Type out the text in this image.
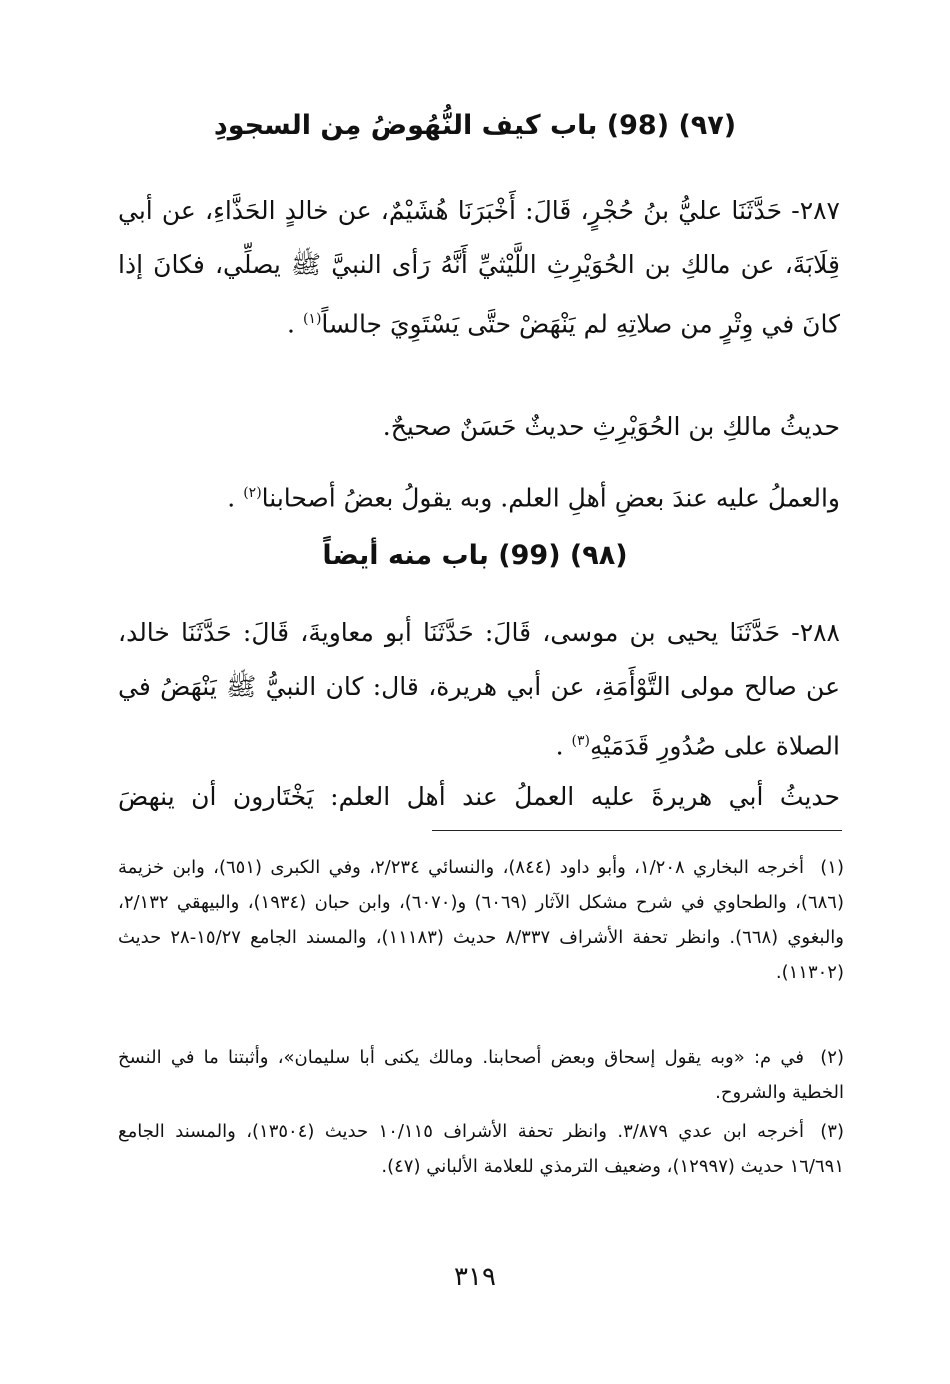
(٩٧) (98) باب كيف النُّهُوضُ مِن السجودِ
٢٨٧- حَدَّثَنَا عليُّ بنُ حُجْرٍ، قَالَ: أَخْبَرَنَا هُشَيْمٌ، عن خالدٍ الحَذَّاءِ، عن أبي قِلَابَةَ، عن مالكِ بن الحُوَيْرِثِ اللَّيْثيِّ أَنَّهُ رَأى النبيَّ ﷺ يصلِّي، فكانَ إذا كانَ في وِتْرٍ من صلاتِهِ لم يَنْهَضْ حتَّى يَسْتَوِيَ جالساً$^{(١)}$ .
حديثُ مالكِ بن الحُوَيْرِثِ حديثٌ حَسَنٌ صحيحٌ.
والعملُ عليه عندَ بعضِ أهلِ العلم. وبه يقولُ بعضُ أصحابنا$^{(٢)}$ .
(٩٨) (99) باب منه أيضاً
٢٨٨- حَدَّثَنَا يحيى بن موسى، قَالَ: حَدَّثَنَا أبو معاويةَ، قَالَ: حَدَّثَنَا خالد، عن صالح مولى التَّوْأَمَةِ، عن أبي هريرة، قال: كان النبيُّ ﷺ يَنْهَضُ في الصلاة على صُدُورِ قَدَمَيْهِ$^{(٣)}$ .
حديثُ أبي هريرةَ عليه العملُ عند أهل العلم: يَخْتَارون أن ينهضَ
(١)أخرجه البخاري ١/٢٠٨، وأبو داود (٨٤٤)، والنسائي ٢/٢٣٤، وفي الكبرى (٦٥١)، وابن خزيمة (٦٨٦)، والطحاوي في شرح مشكل الآثار (٦٠٦٩) و(٦٠٧٠)، وابن حبان (١٩٣٤)، والبيهقي ٢/١٣٢، والبغوي (٦٦٨). وانظر تحفة الأشراف ٨/٣٣٧ حديث (١١١٨٣)، والمسند الجامع ١٥/٢٧-٢٨ حديث (١١٣٠٢).
(٢)في م: «وبه يقول إسحاق وبعض أصحابنا. ومالك يكنى أبا سليمان»، وأثبتنا ما في النسخ الخطية والشروح.
(٣)أخرجه ابن عدي ٣/٨٧٩. وانظر تحفة الأشراف ١٠/١١٥ حديث (١٣٥٠٤)، والمسند الجامع ١٦/٦٩١ حديث (١٢٩٩٧)، وضعيف الترمذي للعلامة الألباني (٤٧).
٣١٩
